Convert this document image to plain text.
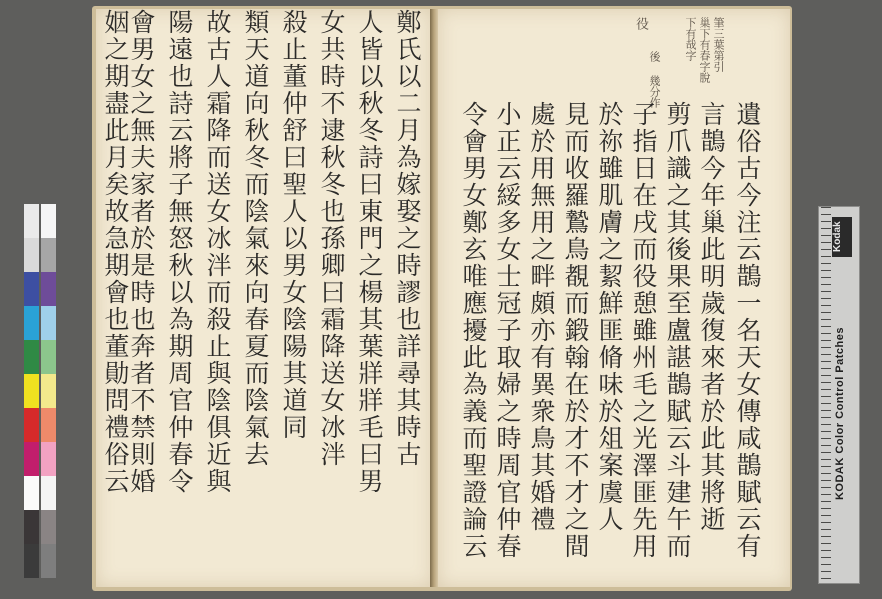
鄭氏以二月為嫁娶之時謬也詳尋其時古
人皆以秋冬詩曰東門之楊其葉牂牂毛曰男
女共時不逮秋冬也孫卿曰霜降送女冰泮
殺止董仲舒曰聖人以男女陰陽其道同
類天道向秋冬而陰氣來向春夏而陰氣去
故古人霜降而送女冰泮而殺止與陰俱近與
陽遠也詩云將子無怒秋以為期周官仲春令
會男女之無夫家者於是時也奔者不禁則婚
姻之期盡此月矣故急期會也董勛問禮俗云	筆三葉第引
巢下有春字脫
下有哉字
役
後 幾分作
遺俗古今注云鵲一名天女傳咸鵲賦云有
言鵲今年巢此明歲復來者於此其將逝
剪爪識之其後果至盧諶鵲賦云斗建午而
子指日在戌而役憩雖州毛之光澤匪先用
於祢雖肌膚之絜鮮匪脩味於俎案虞人
見而收羅鷙鳥覩而鍛翰在於才不才之間
處於用無用之畔頗亦有異衆鳥其婚禮
小正云綏多女士冠子取婦之時周官仲春
令會男女鄭玄唯應擾此為義而聖證論云	Kodak
KODAK Color Control Patches
